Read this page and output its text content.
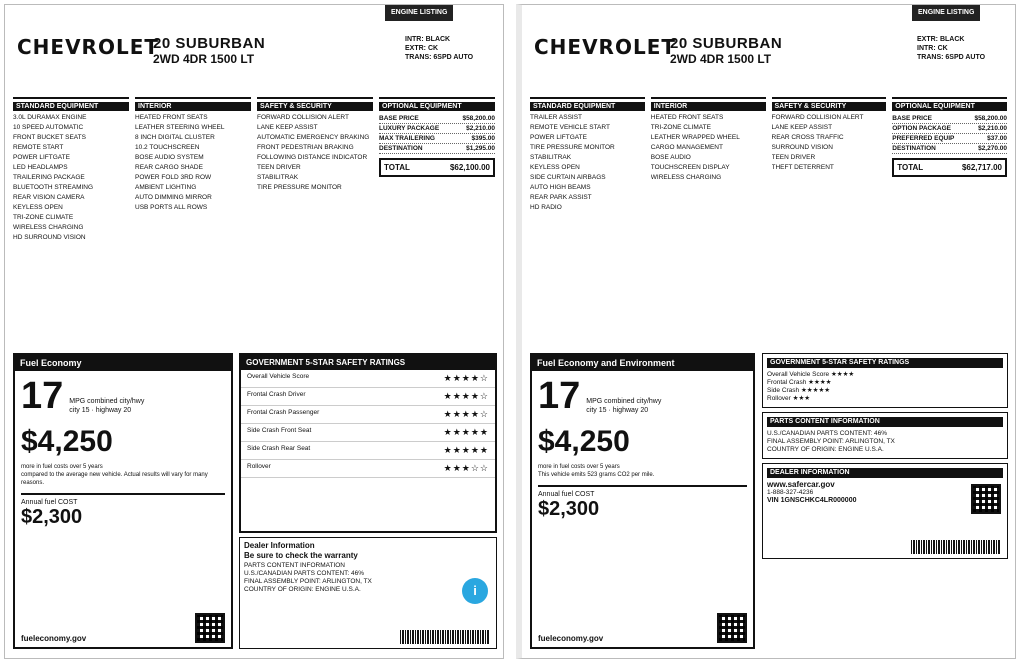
ENGINE LISTING
CHEVROLET
20 SUBURBAN
2WD 4DR 1500 LT
INTR: BLACK
EXTR: CK
TRANS: 6SPD AUTO
STANDARD EQUIPMENT
3.0L DURAMAX ENGINE
10 SPEED AUTOMATIC
FRONT BUCKET SEATS
REMOTE START
POWER LIFTGATE
LED HEADLAMPS
TRAILERING PACKAGE
BLUETOOTH STREAMING
REAR VISION CAMERA
KEYLESS OPEN
TRI-ZONE CLIMATE
WIRELESS CHARGING
HD SURROUND VISION
INTERIOR
HEATED FRONT SEATS
LEATHER STEERING WHEEL
8 INCH DIGITAL CLUSTER
10.2 TOUCHSCREEN
BOSE AUDIO SYSTEM
REAR CARGO SHADE
POWER FOLD 3RD ROW
AMBIENT LIGHTING
AUTO DIMMING MIRROR
USB PORTS ALL ROWS
SAFETY & SECURITY
FORWARD COLLISION ALERT
LANE KEEP ASSIST
AUTOMATIC EMERGENCY BRAKING
FRONT PEDESTRIAN BRAKING
FOLLOWING DISTANCE INDICATOR
TEEN DRIVER
STABILITRAK
TIRE PRESSURE MONITOR
OPTIONAL EQUIPMENT
BASE PRICE	$58,200.00
LUXURY PACKAGE	$2,210.00
MAX TRAILERING	$395.00
DESTINATION	$1,295.00
TOTAL	$62,100.00
Fuel Economy
17 MPG combined city/hwy
city 15 · highway 20
$4,250
more in fuel costs over 5 years
compared to the average new vehicle. Actual results will vary for many reasons.
Annual fuel COST
$2,300
fueleconomy.gov
GOVERNMENT 5-STAR SAFETY RATINGS
Overall Vehicle Score	★★★★☆
Frontal Crash Driver	★★★★☆
Frontal Crash Passenger	★★★★☆
Side Crash Front Seat	★★★★★
Side Crash Rear Seat	★★★★★
Rollover	★★★☆☆
Dealer Information
Be sure to check the warranty
PARTS CONTENT INFORMATION
U.S./CANADIAN PARTS CONTENT: 46%
FINAL ASSEMBLY POINT: ARLINGTON, TX
COUNTRY OF ORIGIN: ENGINE U.S.A.	i
ENGINE LISTING
CHEVROLET
20 SUBURBAN
2WD 4DR 1500 LT
EXTR: BLACK
INTR: CK
TRANS: 6SPD AUTO
STANDARD EQUIPMENT
TRAILER ASSIST
REMOTE VEHICLE START
POWER LIFTGATE
TIRE PRESSURE MONITOR
STABILITRAK
KEYLESS OPEN
SIDE CURTAIN AIRBAGS
AUTO HIGH BEAMS
REAR PARK ASSIST
HD RADIO
INTERIOR
HEATED FRONT SEATS
TRI-ZONE CLIMATE
LEATHER WRAPPED WHEEL
CARGO MANAGEMENT
BOSE AUDIO
TOUCHSCREEN DISPLAY
WIRELESS CHARGING
SAFETY & SECURITY
FORWARD COLLISION ALERT
LANE KEEP ASSIST
REAR CROSS TRAFFIC
SURROUND VISION
TEEN DRIVER
THEFT DETERRENT
OPTIONAL EQUIPMENT
BASE PRICE	$58,200.00
OPTION PACKAGE	$2,210.00
PREFERRED EQUIP	$37.00
DESTINATION	$2,270.00
TOTAL	$62,717.00
Fuel Economy and Environment
17 MPG combined city/hwy
city 15 · highway 20
$4,250
more in fuel costs over 5 years
This vehicle emits 523 grams CO2 per mile.
Annual fuel COST
$2,300
fueleconomy.gov
GOVERNMENT 5-STAR SAFETY RATINGS
Overall Vehicle Score ★★★★
Frontal Crash ★★★★
Side Crash ★★★★★
Rollover ★★★
PARTS CONTENT INFORMATION
U.S./CANADIAN PARTS CONTENT: 46%
FINAL ASSEMBLY POINT: ARLINGTON, TX
COUNTRY OF ORIGIN: ENGINE U.S.A.
DEALER INFORMATION
www.safercar.gov
1-888-327-4236
VIN 1GNSCHKC4LR000000
